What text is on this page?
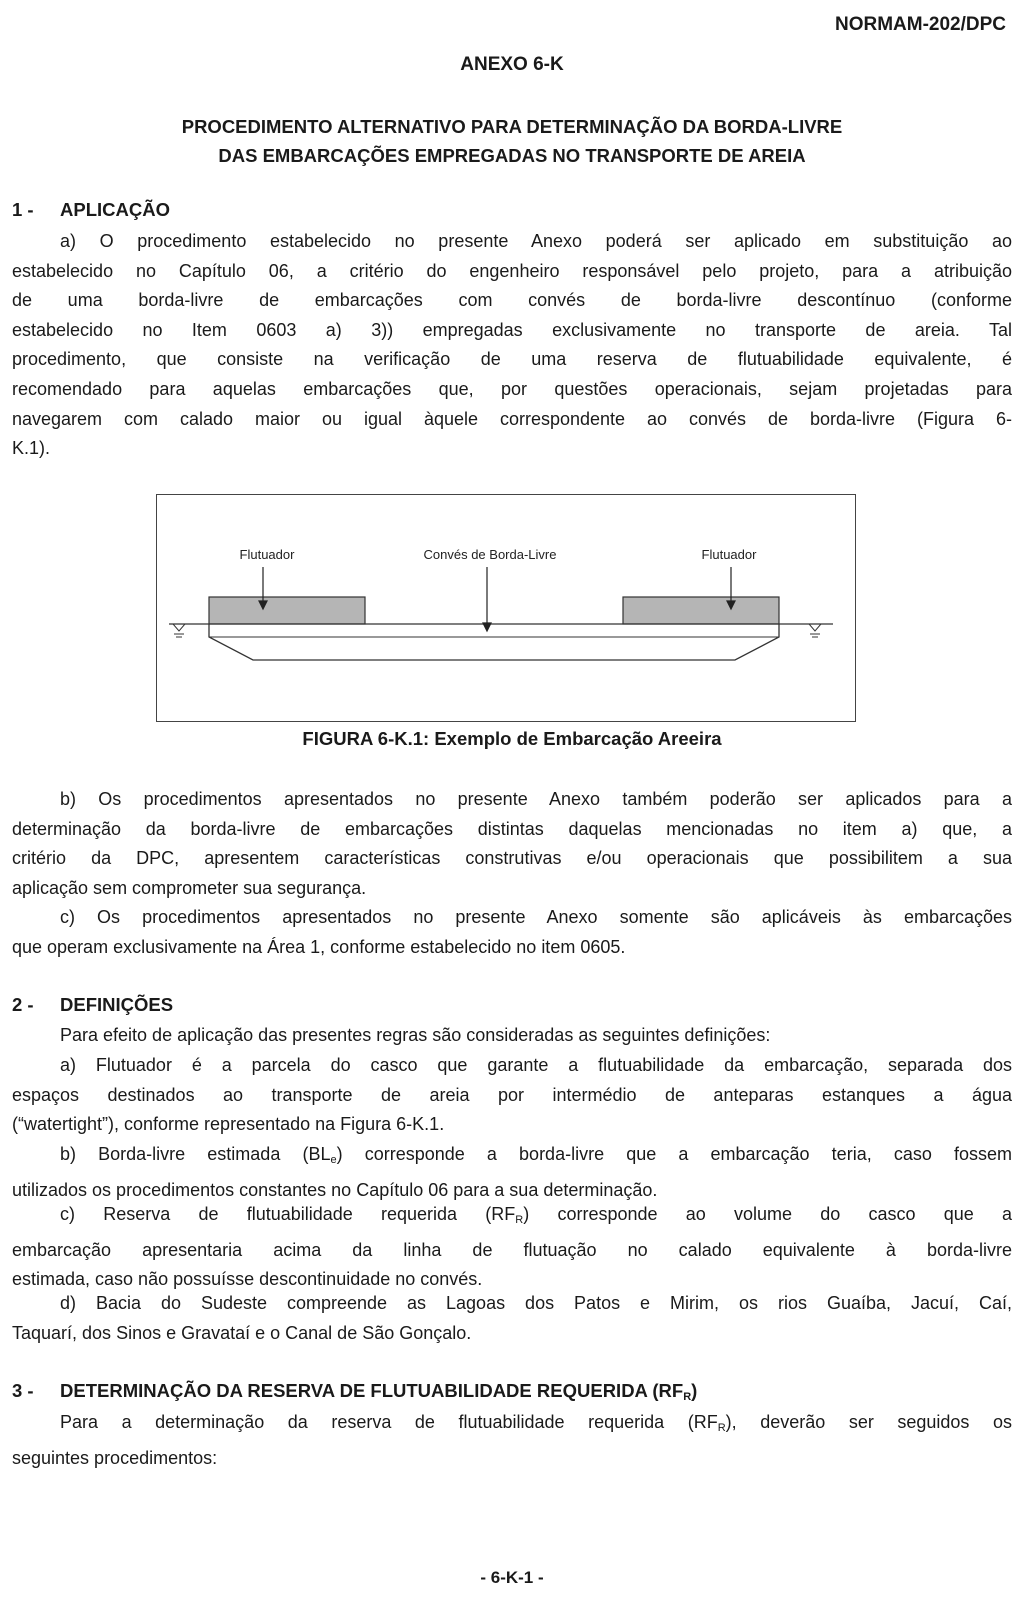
NORMAM-202/DPC
ANEXO 6-K
PROCEDIMENTO ALTERNATIVO PARA DETERMINAÇÃO DA BORDA-LIVRE
DAS EMBARCAÇÕES EMPREGADAS NO TRANSPORTE DE AREIA
1 - APLICAÇÃO
a) O procedimento estabelecido no presente Anexo poderá ser aplicado em substituição ao
estabelecido no Capítulo 06, a critério do engenheiro responsável pelo projeto, para a atribuição
de uma borda-livre de embarcações com convés de borda-livre descontínuo (conforme
estabelecido no Item 0603 a) 3)) empregadas exclusivamente no transporte de areia. Tal
procedimento, que consiste na verificação de uma reserva de flutuabilidade equivalente, é
recomendado para aquelas embarcações que, por questões operacionais, sejam projetadas para
navegarem com calado maior ou igual àquele correspondente ao convés de borda-livre (Figura 6-
K.1).
Flutuador	Convés de Borda-Livre	Flutuador
FIGURA 6-K.1: Exemplo de Embarcação Areeira
b) Os procedimentos apresentados no presente Anexo também poderão ser aplicados para a
determinação da borda-livre de embarcações distintas daquelas mencionadas no item a) que, a
critério da DPC, apresentem características construtivas e/ou operacionais que possibilitem a sua
aplicação sem comprometer sua segurança.
c) Os procedimentos apresentados no presente Anexo somente são aplicáveis às embarcações
que operam exclusivamente na Área 1, conforme estabelecido no item 0605.
2 - DEFINIÇÕES
Para efeito de aplicação das presentes regras são consideradas as seguintes definições:
a) Flutuador é a parcela do casco que garante a flutuabilidade da embarcação, separada dos
espaços destinados ao transporte de areia por intermédio de anteparas estanques a água
(“watertight”), conforme representado na Figura 6-K.1.
b) Borda-livre estimada $(BL_e)$ corresponde a borda-livre que a embarcação teria, caso fossem
utilizados os procedimentos constantes no Capítulo 06 para a sua determinação.
c) Reserva de flutuabilidade requerida $(RF_R)$ corresponde ao volume do casco que a
embarcação apresentaria acima da linha de flutuação no calado equivalente à borda-livre
estimada, caso não possuísse descontinuidade no convés.
d) Bacia do Sudeste compreende as Lagoas dos Patos e Mirim, os rios Guaíba, Jacuí, Caí,
Taquarí, dos Sinos e Gravataí e o Canal de São Gonçalo.
3 - DETERMINAÇÃO DA RESERVA DE FLUTUABILIDADE REQUERIDA $(RF_R)$
Para a determinação da reserva de flutuabilidade requerida $(RF_R)$, deverão ser seguidos os
seguintes procedimentos:
- 6-K-1 -
